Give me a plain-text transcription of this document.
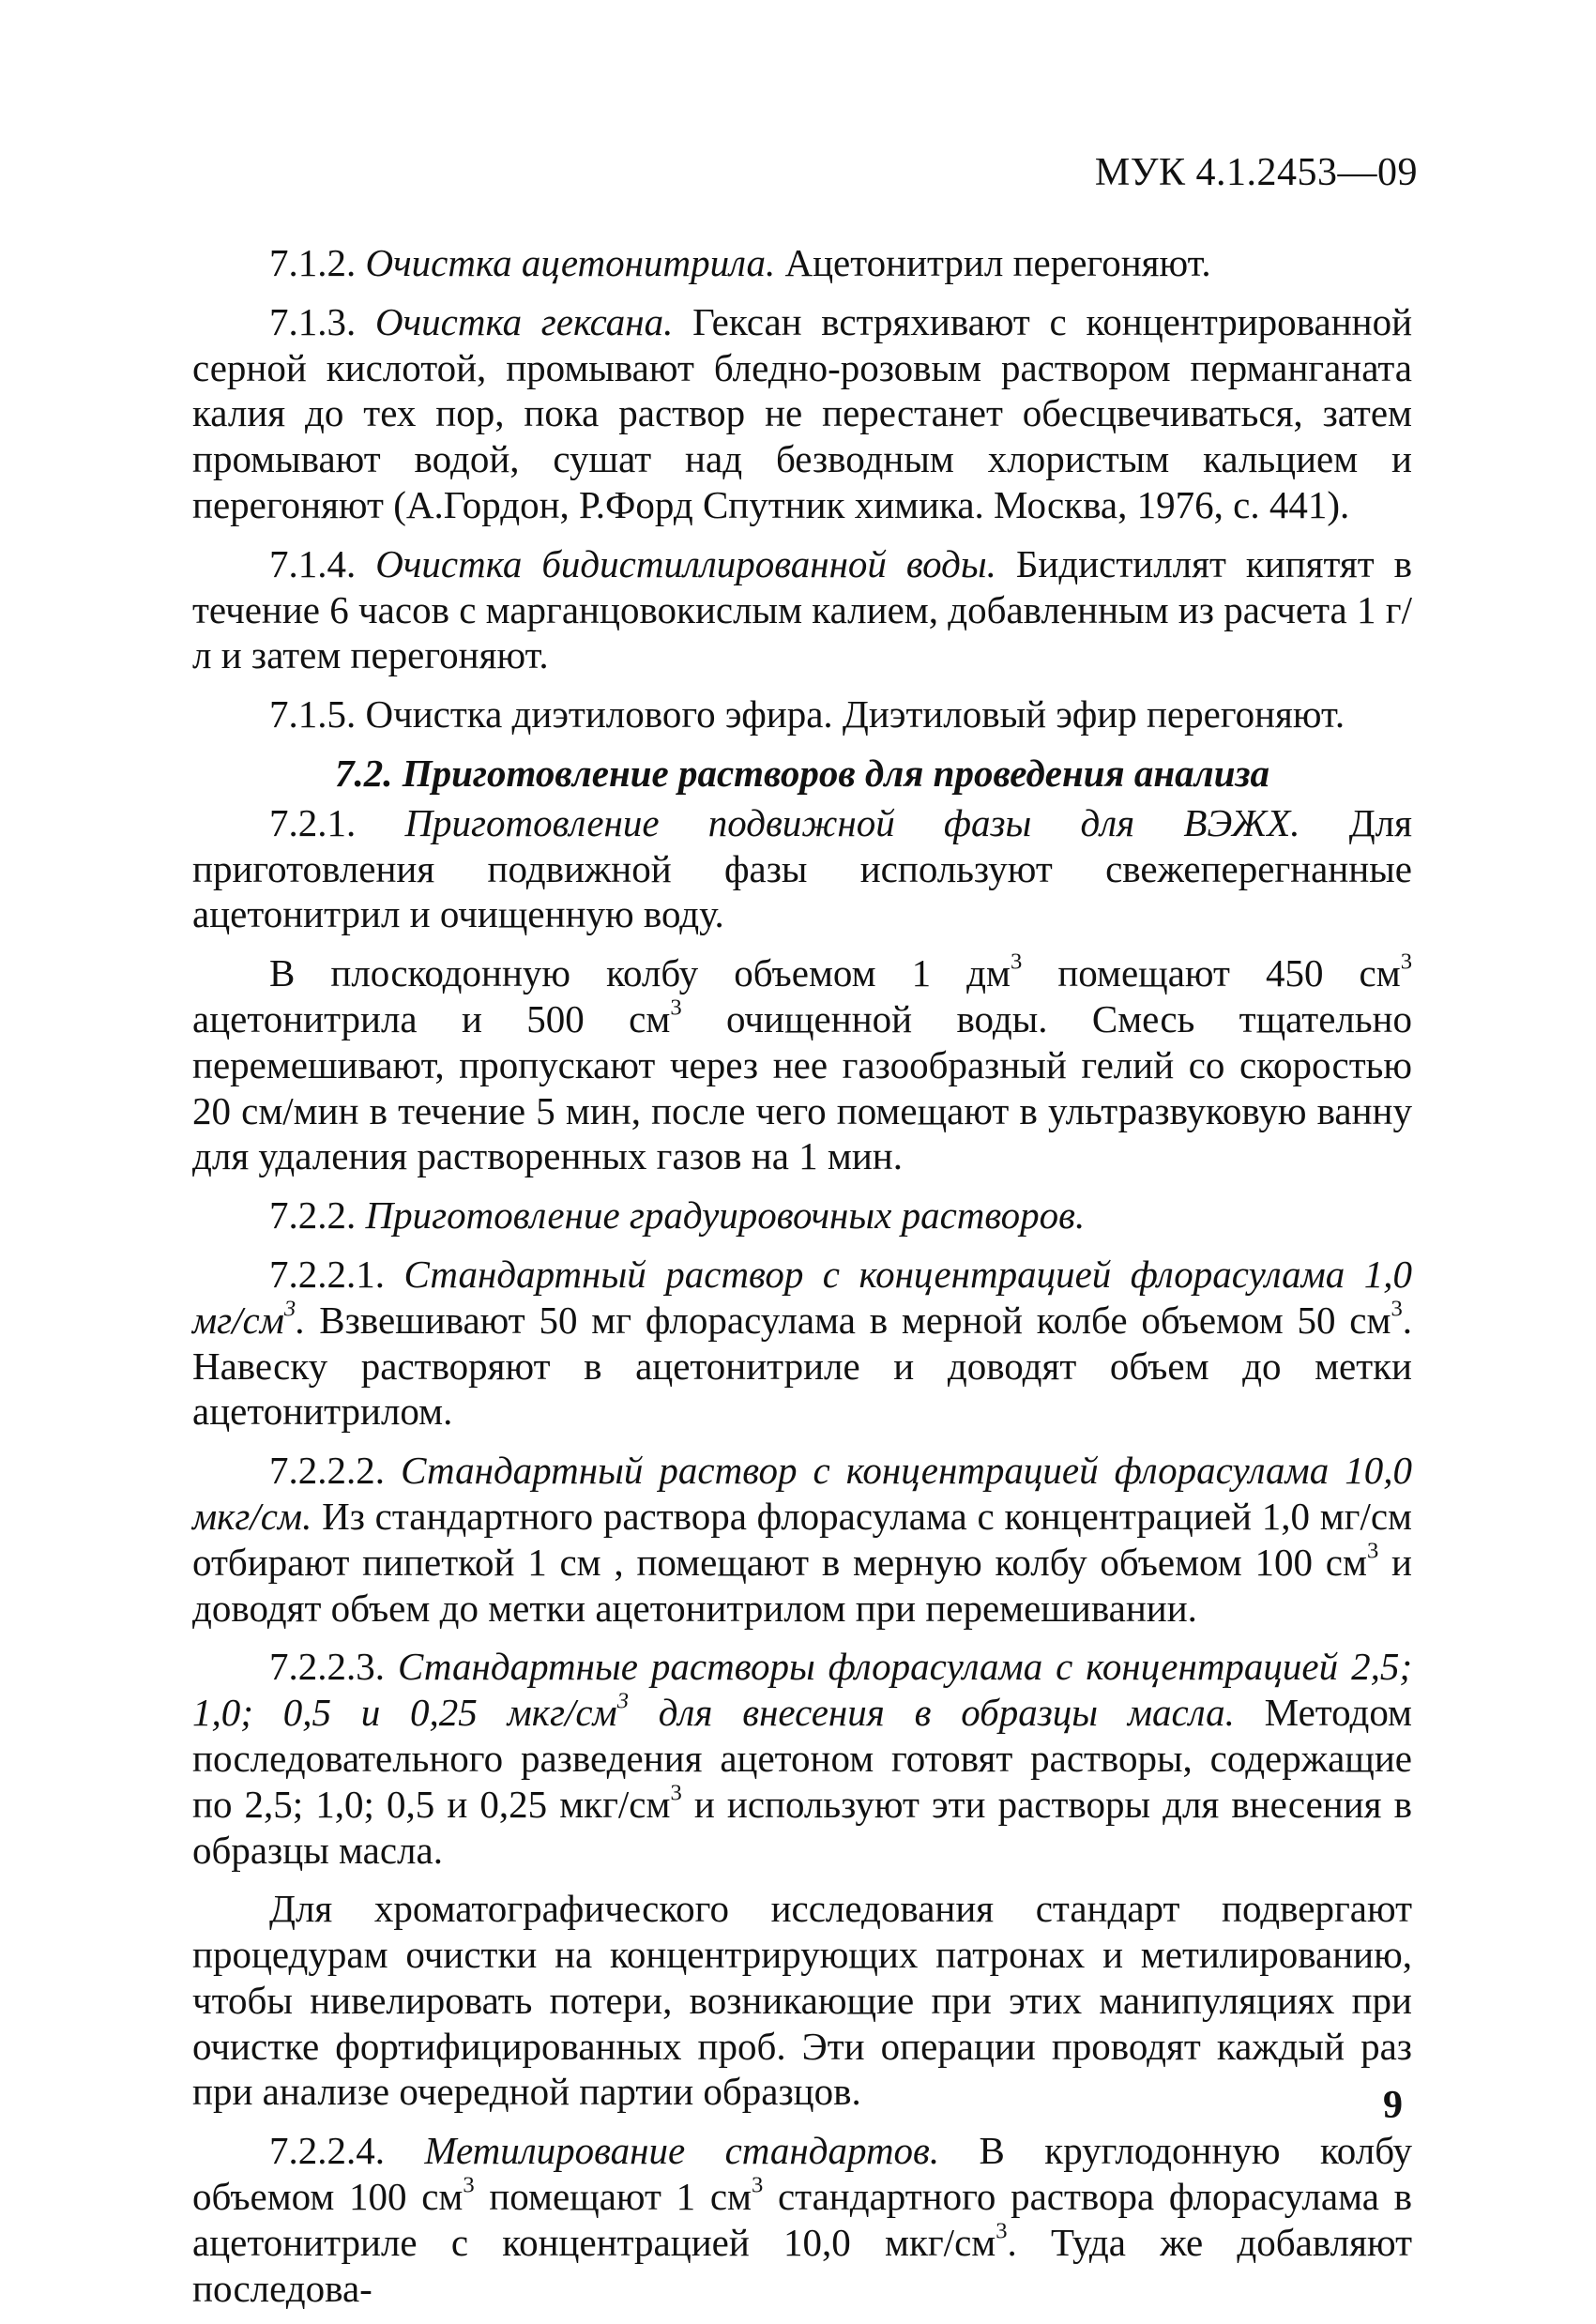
МУК 4.1.2453—09

7.1.2. Очистка ацетонитрила. Ацетонитрил перегоняют.

7.1.3. Очистка гексана. Гексан встряхивают с концентрированной серной кислотой, промывают бледно-розовым раствором перманганата калия до тех пор, пока раствор не перестанет обесцвечиваться, затем промывают водой, сушат над безводным хлористым кальцием и перегоняют (А.Гордон, Р.Форд Спутник химика. Москва, 1976, с. 441).

7.1.4. Очистка бидистиллированной воды. Бидистиллят кипятят в течение 6 часов с марганцовокислым калием, добавленным из расчета 1 г/л и затем перегоняют.

7.1.5. Очистка диэтилового эфира. Диэтиловый эфир перегоняют.

7.2. Приготовление растворов для проведения анализа

7.2.1. Приготовление подвижной фазы для ВЭЖХ. Для приготовления подвижной фазы используют свежеперегнанные ацетонитрил и очищенную воду.

В плоскодонную колбу объемом 1 $дм^3$ помещают 450 $см^3$ ацетонитрила и 500 $см^3$ очищенной воды. Смесь тщательно перемешивают, пропускают через нее газообразный гелий со скоростью 20 см/мин в течение 5 мин, после чего помещают в ультразвуковую ванну для удаления растворенных газов на 1 мин.

7.2.2. Приготовление градуировочных растворов.

7.2.2.1. Стандартный раствор с концентрацией флорасулама 1,0 $мг/см^3$. Взвешивают 50 мг флорасулама в мерной колбе объемом 50 $см^3$. Навеску растворяют в ацетонитриле и доводят объем до метки ацетонитрилом.

7.2.2.2. Стандартный раствор с концентрацией флорасулама 10,0 мкг/см. Из стандартного раствора флорасулама с концентрацией 1,0 мг/см отбирают пипеткой 1 см , помещают в мерную колбу объемом 100 $см^3$ и доводят объем до метки ацетонитрилом при перемешивании.

7.2.2.3. Стандартные растворы флорасулама с концентрацией 2,5; 1,0; 0,5 и 0,25 мкг/$см^3$ для внесения в образцы масла. Методом последовательного разведения ацетоном готовят растворы, содержащие по 2,5; 1,0; 0,5 и 0,25 мкг/$см^3$ и используют эти растворы для внесения в образцы масла.

Для хроматографического исследования стандарт подвергают процедурам очистки на концентрирующих патронах и метилированию, чтобы нивелировать потери, возникающие при этих манипуляциях при очистке фортифицированных проб. Эти операции проводят каждый раз при анализе очередной партии образцов.

7.2.2.4. Метилирование стандартов. В круглодонную колбу объемом 100 $см^3$ помещают 1 $см^3$ стандартного раствора флорасулама в ацетонитриле с концентрацией 10,0 мкг/$см^3$. Туда же добавляют последова-

9
